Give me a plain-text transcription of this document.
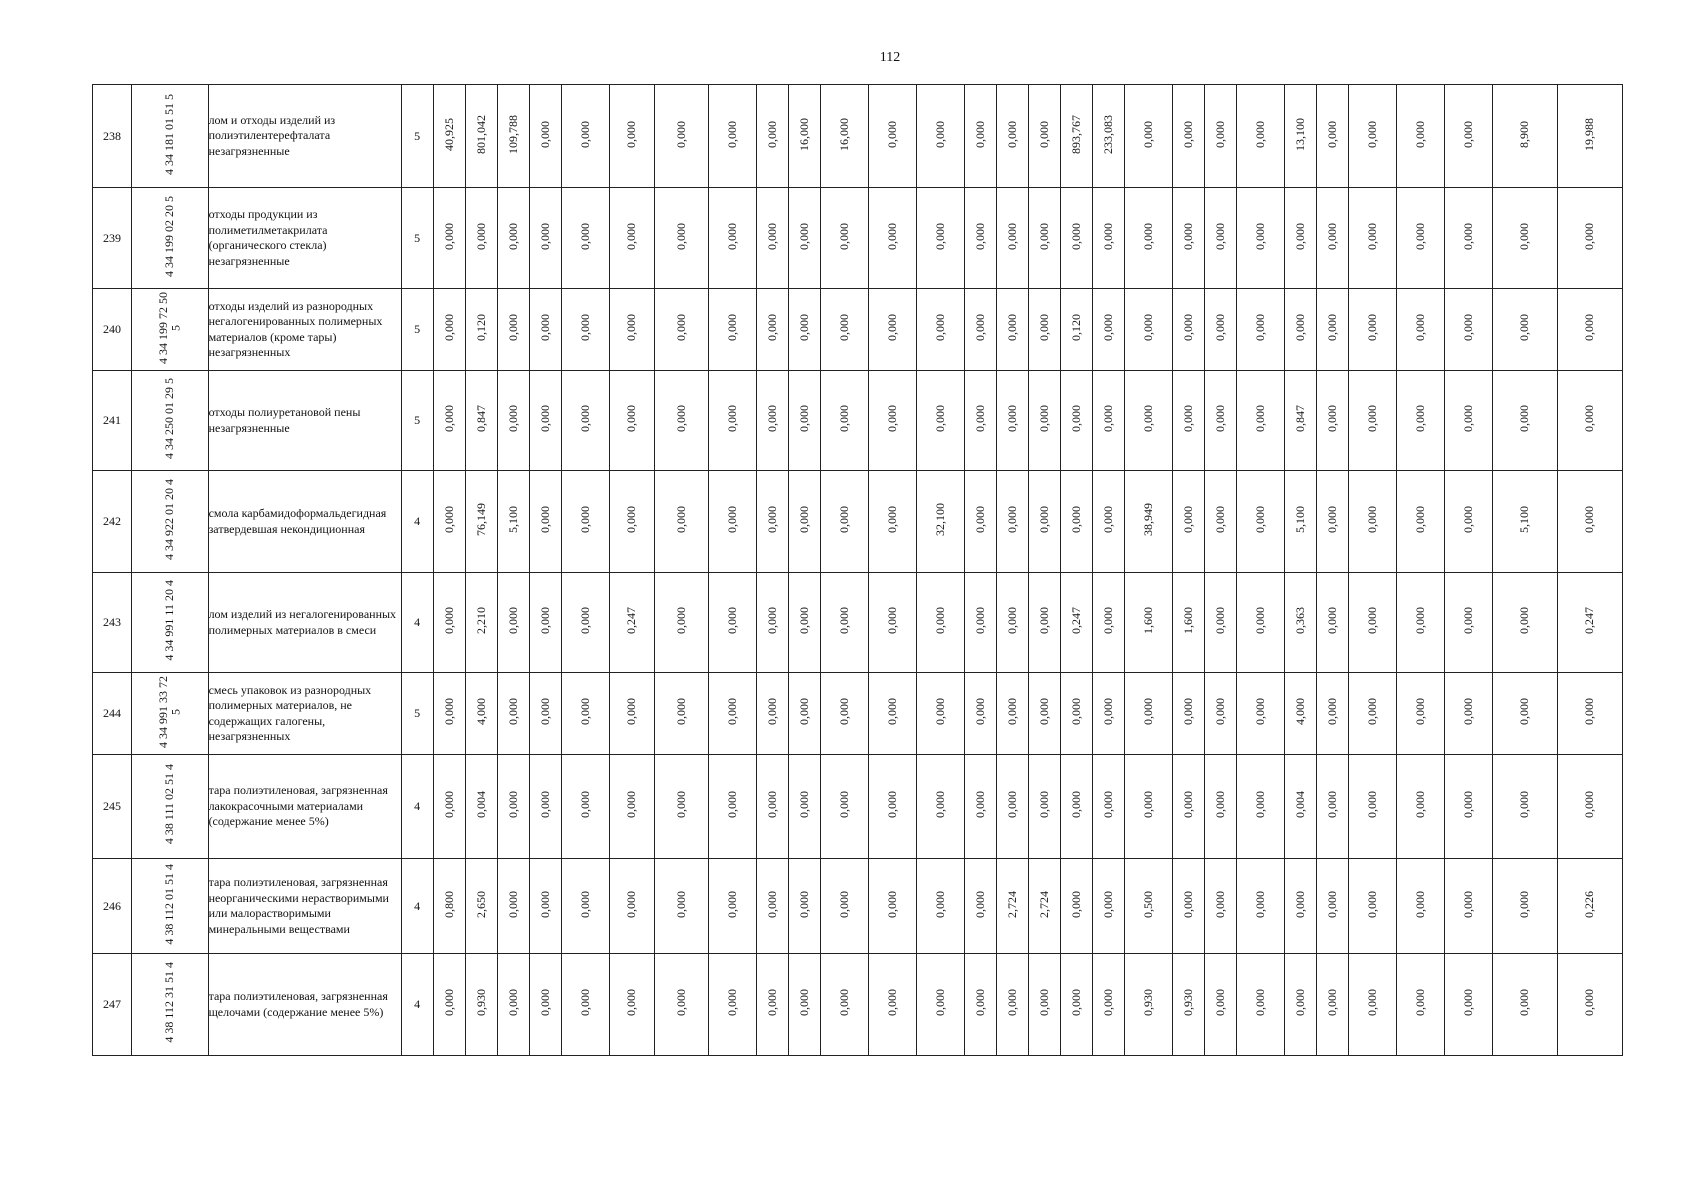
112
238	4 34 181 01 51 5	лом и отходы изделий из полиэтилентерефталата незагрязненные	5	40,925	801,042	109,788	0,000	0,000	0,000	0,000	0,000	0,000	16,000	16,000	0,000	0,000	0,000	0,000	0,000	893,767	233,083	0,000	0,000	0,000	0,000	13,100	0,000	0,000	0,000	0,000	8,900	19,988
239	4 34 199 02 20 5	отходы продукции из полиметилметакрилата (органического стекла) незагрязненные	5	0,000	0,000	0,000	0,000	0,000	0,000	0,000	0,000	0,000	0,000	0,000	0,000	0,000	0,000	0,000	0,000	0,000	0,000	0,000	0,000	0,000	0,000	0,000	0,000	0,000	0,000	0,000	0,000	0,000
240	4 34 199 72 50 5	отходы изделий из разнородных негалогенированных полимерных материалов (кроме тары) незагрязненных	5	0,000	0,120	0,000	0,000	0,000	0,000	0,000	0,000	0,000	0,000	0,000	0,000	0,000	0,000	0,000	0,000	0,120	0,000	0,000	0,000	0,000	0,000	0,000	0,000	0,000	0,000	0,000	0,000	0,000
241	4 34 250 01 29 5	отходы полиуретановой пены незагрязненные	5	0,000	0,847	0,000	0,000	0,000	0,000	0,000	0,000	0,000	0,000	0,000	0,000	0,000	0,000	0,000	0,000	0,000	0,000	0,000	0,000	0,000	0,000	0,847	0,000	0,000	0,000	0,000	0,000	0,000
242	4 34 922 01 20 4	смола карбамидоформальдегидная затвердевшая некондиционная	4	0,000	76,149	5,100	0,000	0,000	0,000	0,000	0,000	0,000	0,000	0,000	0,000	32,100	0,000	0,000	0,000	0,000	0,000	38,949	0,000	0,000	0,000	5,100	0,000	0,000	0,000	0,000	5,100	0,000
243	4 34 991 11 20 4	лом изделий из негалогенированных полимерных материалов в смеси	4	0,000	2,210	0,000	0,000	0,000	0,247	0,000	0,000	0,000	0,000	0,000	0,000	0,000	0,000	0,000	0,000	0,247	0,000	1,600	1,600	0,000	0,000	0,363	0,000	0,000	0,000	0,000	0,000	0,247
244	4 34 991 33 72 5	смесь упаковок из разнородных полимерных материалов, не содержащих галогены, незагрязненных	5	0,000	4,000	0,000	0,000	0,000	0,000	0,000	0,000	0,000	0,000	0,000	0,000	0,000	0,000	0,000	0,000	0,000	0,000	0,000	0,000	0,000	0,000	4,000	0,000	0,000	0,000	0,000	0,000	0,000
245	4 38 111 02 51 4	тара полиэтиленовая, загрязненная лакокрасочными материалами (содержание менее 5%)	4	0,000	0,004	0,000	0,000	0,000	0,000	0,000	0,000	0,000	0,000	0,000	0,000	0,000	0,000	0,000	0,000	0,000	0,000	0,000	0,000	0,000	0,000	0,004	0,000	0,000	0,000	0,000	0,000	0,000
246	4 38 112 01 51 4	тара полиэтиленовая, загрязненная неорганическими нерастворимыми или малорастворимыми минеральными веществами	4	0,800	2,650	0,000	0,000	0,000	0,000	0,000	0,000	0,000	0,000	0,000	0,000	0,000	0,000	2,724	2,724	0,000	0,000	0,500	0,000	0,000	0,000	0,000	0,000	0,000	0,000	0,000	0,000	0,226
247	4 38 112 31 51 4	тара полиэтиленовая, загрязненная щелочами (содержание менее 5%)	4	0,000	0,930	0,000	0,000	0,000	0,000	0,000	0,000	0,000	0,000	0,000	0,000	0,000	0,000	0,000	0,000	0,000	0,000	0,930	0,930	0,000	0,000	0,000	0,000	0,000	0,000	0,000	0,000	0,000
